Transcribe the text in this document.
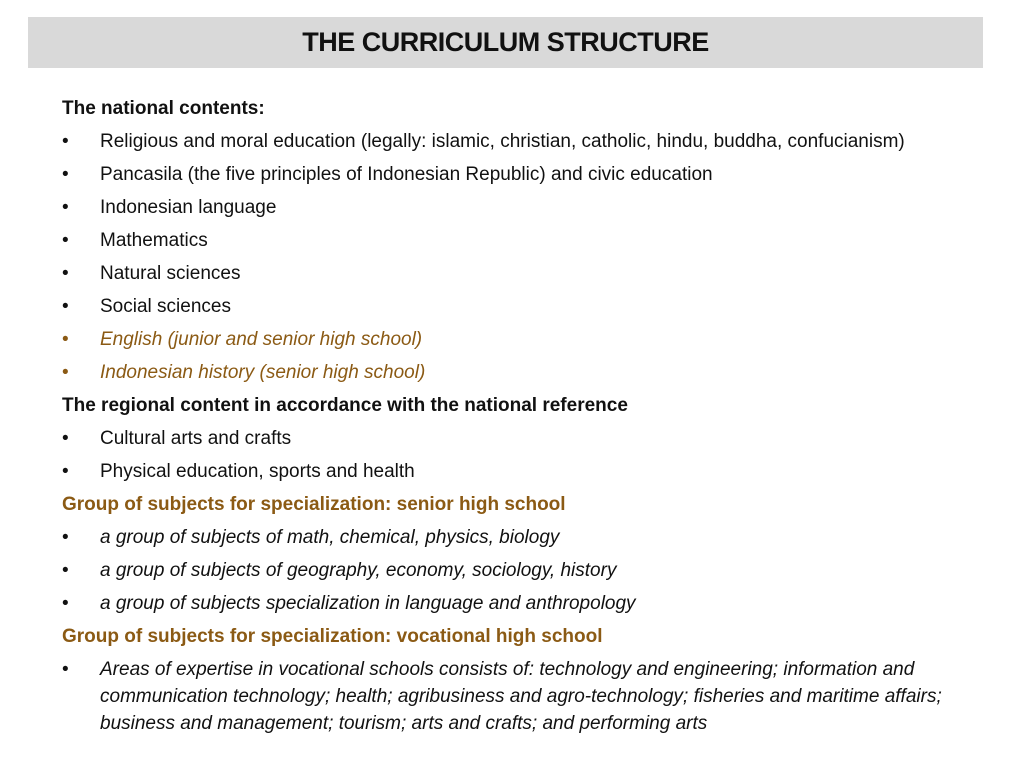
THE CURRICULUM STRUCTURE
The national contents:
•	Religious and moral education (legally: islamic, christian, catholic, hindu, buddha, confucianism)
•	Pancasila (the five principles of Indonesian Republic) and civic education
•	Indonesian language
•	Mathematics
•	Natural sciences
•	Social sciences
•	English (junior and senior high school)
•	Indonesian history (senior high school)
The regional content in accordance with the national reference
•	Cultural arts and crafts
•	Physical education, sports and health
Group of subjects for specialization: senior high school
•	a group of subjects of math, chemical, physics, biology
•	a group of subjects of geography, economy, sociology, history
•	a group of subjects specialization in language and anthropology
Group of subjects for specialization: vocational high school
•	Areas of expertise in vocational schools consists of: technology and engineering; information and communication technology; health; agribusiness and agro-technology; fisheries and maritime affairs; business and management; tourism; arts and crafts; and performing arts
